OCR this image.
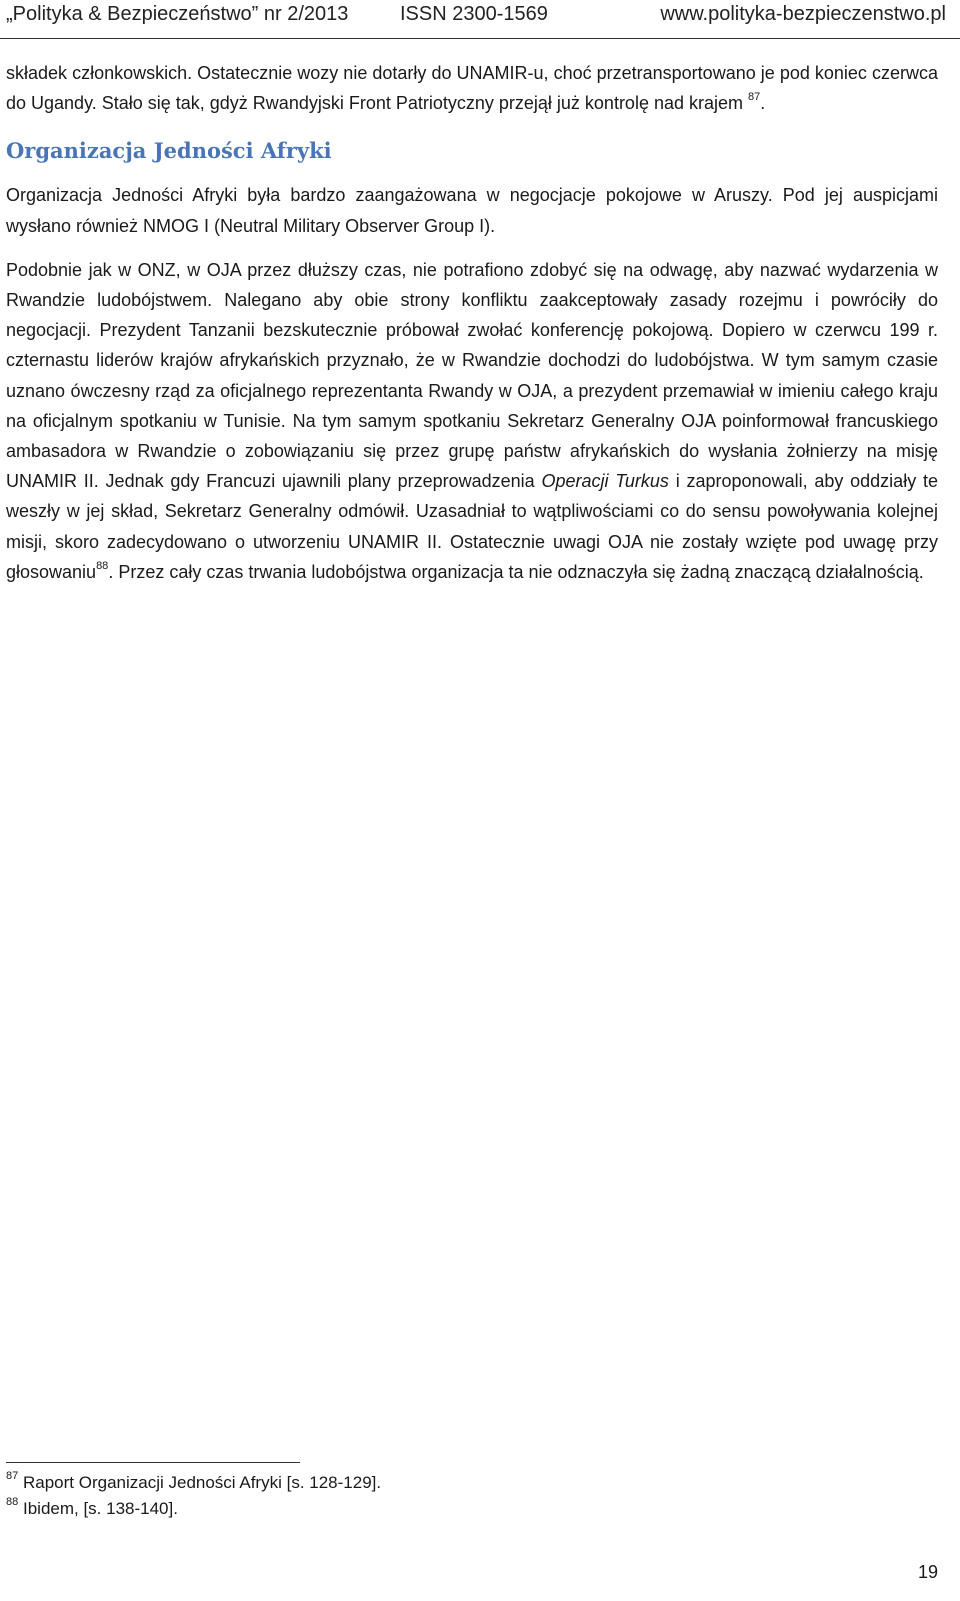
„Polityka & Bezpieczeństwo” nr 2/2013	ISSN 2300-1569	www.polityka-bezpieczenstwo.pl

składek członkowskich. Ostatecznie wozy nie dotarły do UNAMIR-u, choć przetransportowano je pod koniec czerwca do Ugandy. Stało się tak, gdyż Rwandyjski Front Patriotyczny przejął już kontrolę nad krajem $^{87}$.

Organizacja Jedności Afryki

Organizacja Jedności Afryki była bardzo zaangażowana w negocjacje pokojowe w Aruszy. Pod jej auspicjami wysłano również NMOG I (Neutral Military Observer Group I).

Podobnie jak w ONZ, w OJA przez dłuższy czas, nie potrafiono zdobyć się na odwagę, aby nazwać wydarzenia w Rwandzie ludobójstwem. Nalegano aby obie strony konfliktu zaakceptowały zasady rozejmu i powróciły do negocjacji. Prezydent Tanzanii bezskutecznie próbował zwołać konferencję pokojową. Dopiero w czerwcu 199 r. czternastu liderów krajów afrykańskich przyznało, że w Rwandzie dochodzi do ludobójstwa. W tym samym czasie uznano ówczesny rząd za oficjalnego reprezentanta Rwandy w OJA, a prezydent przemawiał w imieniu całego kraju na oficjalnym spotkaniu w Tunisie. Na tym samym spotkaniu Sekretarz Generalny OJA poinformował francuskiego ambasadora w Rwandzie o zobowiązaniu się przez grupę państw afrykańskich do wysłania żołnierzy na misję UNAMIR II. Jednak gdy Francuzi ujawnili plany przeprowadzenia Operacji Turkus i zaproponowali, aby oddziały te weszły w jej skład, Sekretarz Generalny odmówił. Uzasadniał to wątpliwościami co do sensu powoływania kolejnej misji, skoro zadecydowano o utworzeniu UNAMIR II. Ostatecznie uwagi OJA nie zostały wzięte pod uwagę przy głosowaniu$^{88}$. Przez cały czas trwania ludobójstwa organizacja ta nie odznaczyła się żadną znaczącą działalnością.

$^{87}$ Raport Organizacji Jedności Afryki [s. 128-129].
$^{88}$ Ibidem, [s. 138-140].
19
